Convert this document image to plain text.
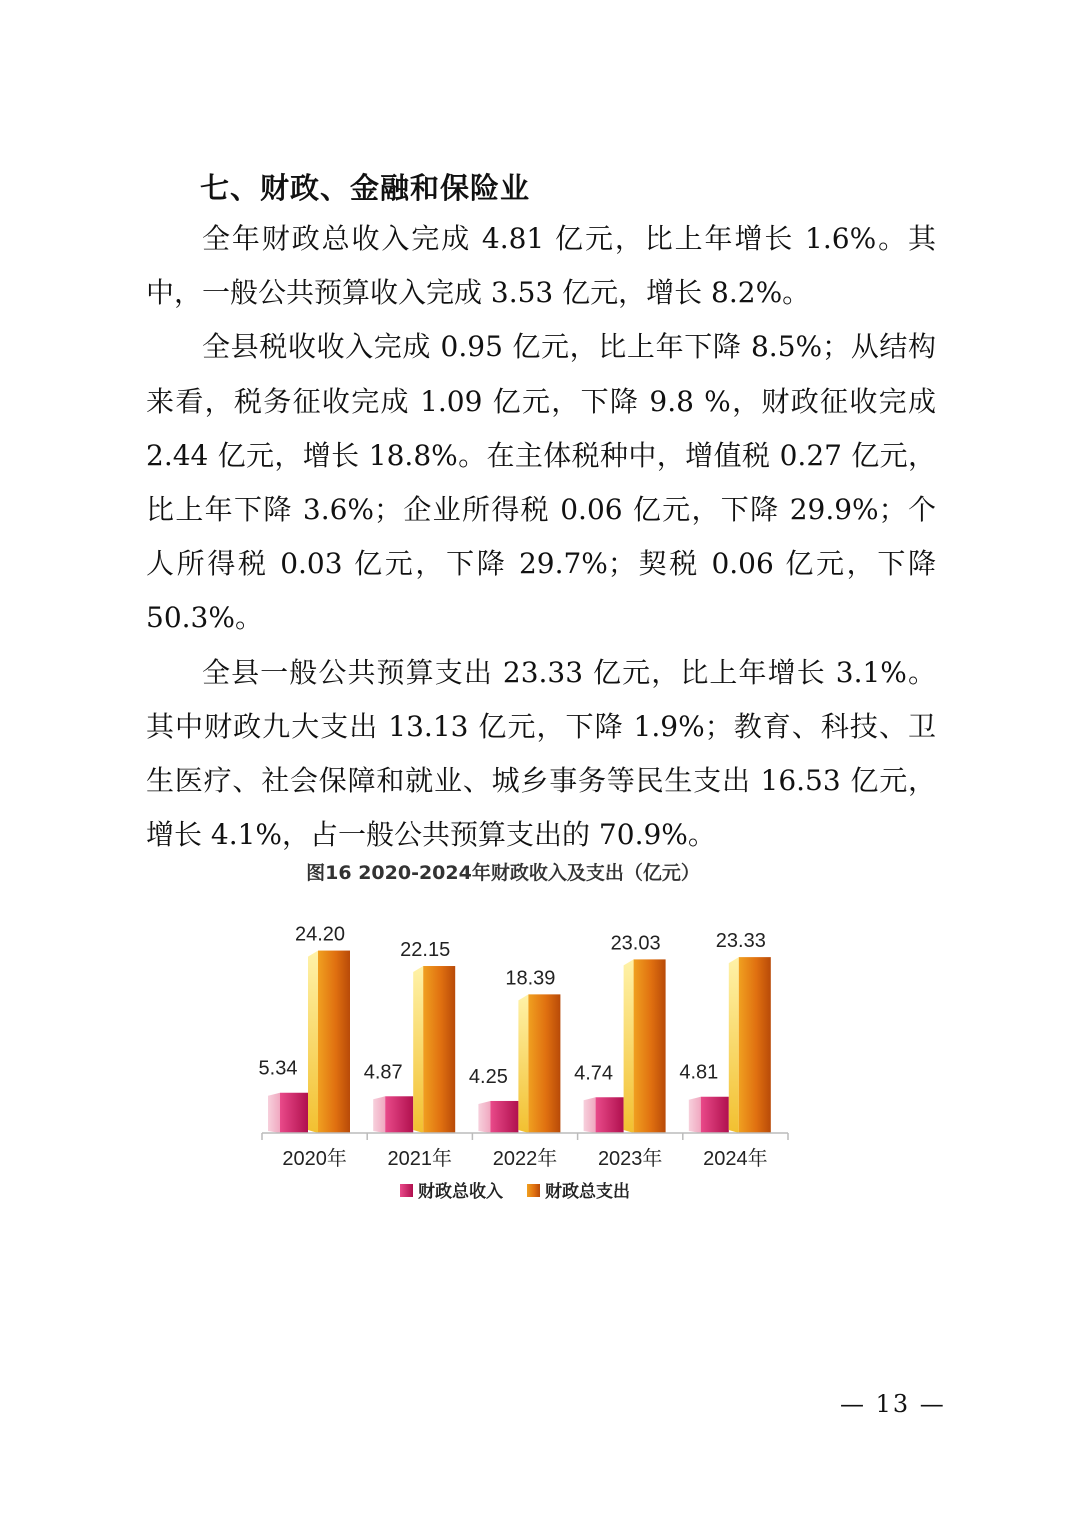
七、财政、金融和保险业

全年财政总收入完成 4.81 亿元，比上年增长 1.6%。其中，一般公共预算收入完成 3.53 亿元，增长 8.2%。

全县税收收入完成 0.95 亿元，比上年下降 8.5%；从结构来看，税务征收完成 1.09 亿元，下降 9.8 %，财政征收完成 2.44 亿元，增长 18.8%。在主体税种中，增值税 0.27 亿元，比上年下降 3.6%；企业所得税 0.06 亿元，下降 29.9%；个人所得税 0.03 亿元，下降 29.7%；契税 0.06 亿元，下降 50.3%。

全县一般公共预算支出 23.33 亿元，比上年增长 3.1%。其中财政九大支出 13.13 亿元，下降 1.9%；教育、科技、卫生医疗、社会保障和就业、城乡事务等民生支出 16.53 亿元，增长 4.1%，占一般公共预算支出的 70.9%。

图16 2020-2024年财政收入及支出（亿元）
5.34
24.20
4.87
22.15
4.25
18.39
4.74
23.03
4.81
23.33
2020年 2021年 2022年 2023年 2024年
财政总收入 财政总支出
— 13 —
